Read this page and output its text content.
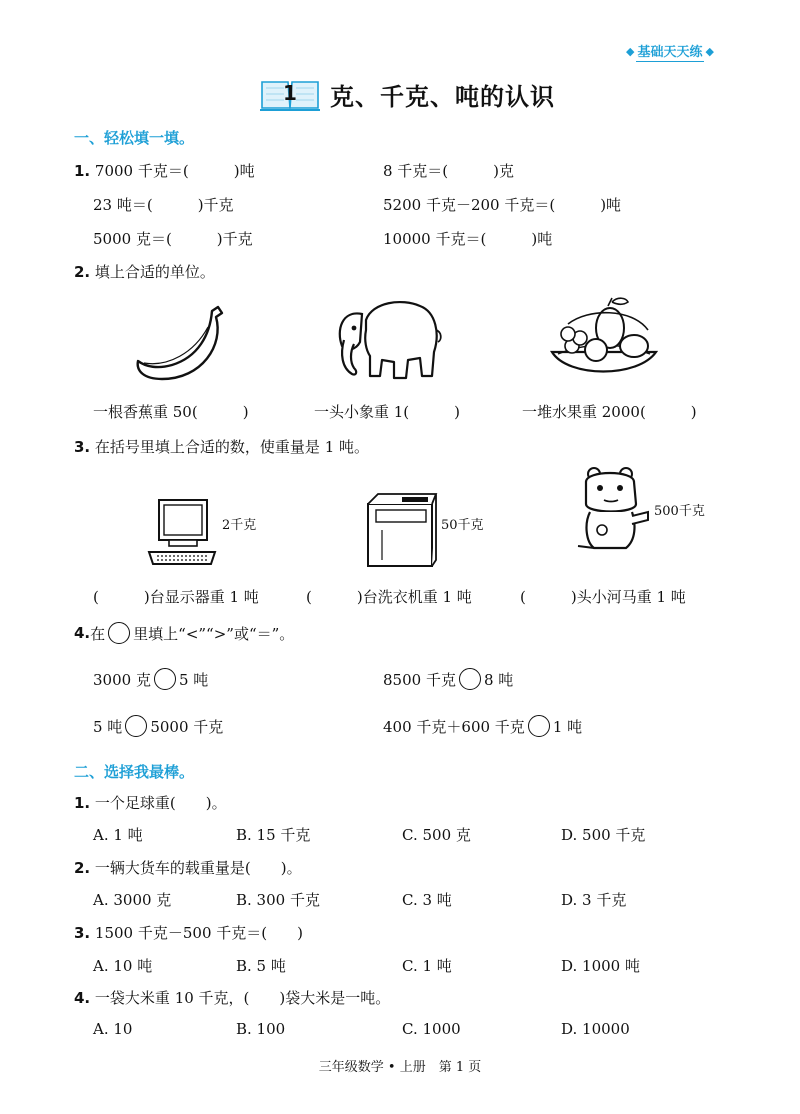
◆ 基础天天练 ◆
1 克、千克、吨的认识
一、轻松填一填。
1. 7000 千克＝(　　　)吨	8 千克＝(　　　)克
23 吨＝(　　　)千克	5200 千克－200 千克＝(　　　)吨
5000 克＝(　　　)千克	10000 千克＝(　　　)吨
2. 填上合适的单位。
一根香蕉重 50(　　　)	一头小象重 1(　　　)	一堆水果重 2000(　　　)
3. 在括号里填上合适的数，使重量是 1 吨。
2千克	50千克
500千克
(　　　)台显示器重 1 吨	(　　　)台洗衣机重 1 吨	(　　　)头小河马重 1 吨
4. 在 里填上“<”“>”或“＝”。
3000 克 5 吨	8500 千克 8 吨
5 吨 5000 千克	400 千克＋600 千克 1 吨
二、选择我最棒。
1. 一个足球重(　　)。
A. 1 吨	B. 15 千克	C. 500 克	D. 500 千克
2. 一辆大货车的载重量是(　　)。
A. 3000 克	B. 300 千克	C. 3 吨	D. 3 千克
3. 1500 千克－500 千克＝(　　)
A. 10 吨	B. 5 吨	C. 1 吨	D. 1000 吨
4. 一袋大米重 10 千克，(　　)袋大米是一吨。
A. 10	B. 100	C. 1000	D. 10000
三年级数学 • 上册　第 1 页
